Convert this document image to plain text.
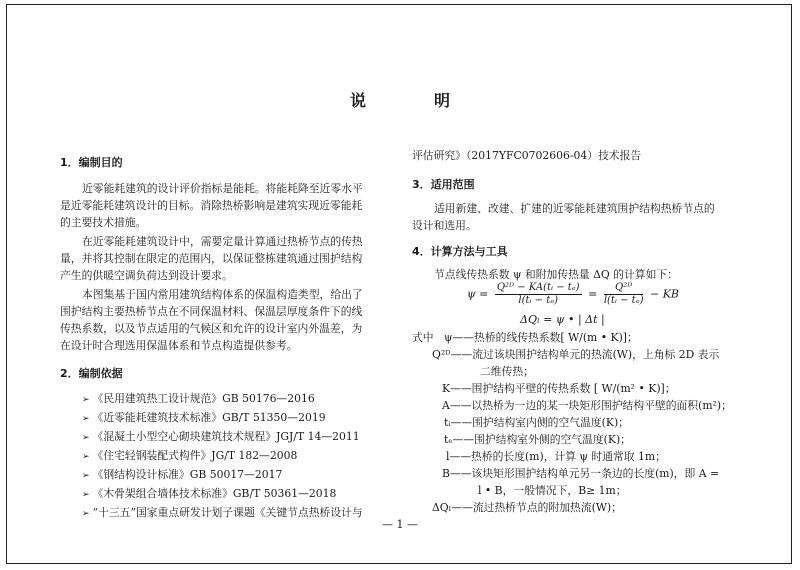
说　明
1．编制目的
近零能耗建筑的设计评价指标是能耗。将能耗降至近零水平
是近零能耗建筑设计的目标。消除热桥影响是建筑实现近零能耗
的主要技术措施。
在近零能耗建筑设计中，需要定量计算通过热桥节点的传热
量，并将其控制在限定的范围内，以保证整栋建筑通过围护结构
产生的供暖空调负荷达到设计要求。
本图集基于国内常用建筑结构体系的保温构造类型，给出了
围护结构主要热桥节点在不同保温材料、保温层厚度条件下的线
传热系数，以及节点适用的气候区和允许的设计室内外温差，为
在设计时合理选用保温体系和节点构造提供参考。
2．编制依据
➢ 《民用建筑热工设计规范》GB 50176—2016
➢ 《近零能耗建筑技术标准》GB/T 51350—2019
➢ 《混凝土小型空心砌块建筑技术规程》JGJ/T 14—2011
➢ 《住宅轻钢装配式构件》JG/T 182—2008
➢ 《钢结构设计标准》GB 50017—2017
➢ 《木骨架组合墙体技术标准》GB/T 50361—2018
➢ “十三五”国家重点研发计划子课题《关键节点热桥设计与
评估研究》（2017YFC0702606-04）技术报告
3．适用范围
适用新建、改建、扩建的近零能耗建筑围护结构热桥节点的
设计和选用。
4．计算方法与工具
节点线传热系数 ψ 和附加传热量 ΔQ 的计算如下：
$\psi = \frac{\text{Q²ᴰ − KA(tᵢ − tₑ)}}{\text{l(tᵢ − tₑ)}} = \frac{\text{Q²ᴰ}}{\text{l(tᵢ − tₑ)}}$ − KB
ΔQₗ = ψ • | Δt |
式中 ψ——热桥的线传热系数[ W/(m • K)]；
Q²ᴰ——流过该块围护结构单元的热流(W)，上角标 2D 表示
二维传热；
K——围护结构平壁的传热系数 [ W/(m² • K)]；
A——以热桥为一边的某一块矩形围护结构平壁的面积(m²)；
tᵢ——围护结构室内侧的空气温度(K)；
tₑ——围护结构室外侧的空气温度(K)；
l——热桥的长度(m)，计算 ψ 时通常取 1m；
B——该块矩形围护结构单元另一条边的长度(m)，即 A =
l • B，一般情况下，B≥ 1m；
ΔQₗ——流过热桥节点的附加热流(W)；
— 1 —
